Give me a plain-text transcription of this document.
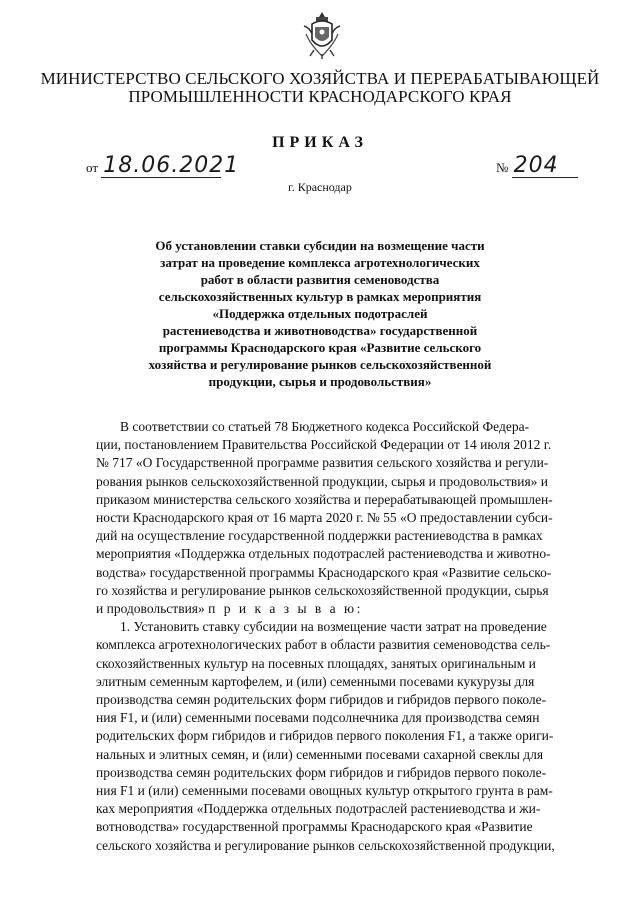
МИНИСТЕРСТВО СЕЛЬСКОГО ХОЗЯЙСТВА И ПЕРЕРАБАТЫВАЮЩЕЙ
ПРОМЫШЛЕННОСТИ КРАСНОДАРСКОГО КРАЯ
ПРИКАЗ
от 18.06.2021	№ 204
г. Краснодар
Об установлении ставки субсидии на возмещение части
затрат на проведение комплекса агротехнологических
работ в области развития семеноводства
сельскохозяйственных культур в рамках мероприятия
«Поддержка отдельных подотраслей
растениеводства и животноводства» государственной
программы Краснодарского края «Развитие сельского
хозяйства и регулирование рынков сельскохозяйственной
продукции, сырья и продовольствия»
В соответствии со статьей 78 Бюджетного кодекса Российской Федера-
ции, постановлением Правительства Российской Федерации от 14 июля 2012 г.
№ 717 «О Государственной программе развития сельского хозяйства и регули-
рования рынков сельскохозяйственной продукции, сырья и продовольствия» и
приказом министерства сельского хозяйства и перерабатывающей промышлен-
ности Краснодарского края от 16 марта 2020 г. № 55 «О предоставлении субси-
дий на осуществление государственной поддержки растениеводства в рамках
мероприятия «Поддержка отдельных подотраслей растениеводства и животно-
водства» государственной программы Краснодарского края «Развитие сельско-
го хозяйства и регулирование рынков сельскохозяйственной продукции, сырья
и продовольствия» п р и к а з ы в а ю:
1. Установить ставку субсидии на возмещение части затрат на проведение
комплекса агротехнологических работ в области развития семеноводства сель-
скохозяйственных культур на посевных площадях, занятых оригинальным и
элитным семенным картофелем, и (или) семенными посевами кукурузы для
производства семян родительских форм гибридов и гибридов первого поколе-
ния F1, и (или) семенными посевами подсолнечника для производства семян
родительских форм гибридов и гибридов первого поколения F1, а также ориги-
нальных и элитных семян, и (или) семенными посевами сахарной свеклы для
производства семян родительских форм гибридов и гибридов первого поколе-
ния F1 и (или) семенными посевами овощных культур открытого грунта в рам-
ках мероприятия «Поддержка отдельных подотраслей растениеводства и жи-
вотноводства» государственной программы Краснодарского края «Развитие
сельского хозяйства и регулирование рынков сельскохозяйственной продукции,
